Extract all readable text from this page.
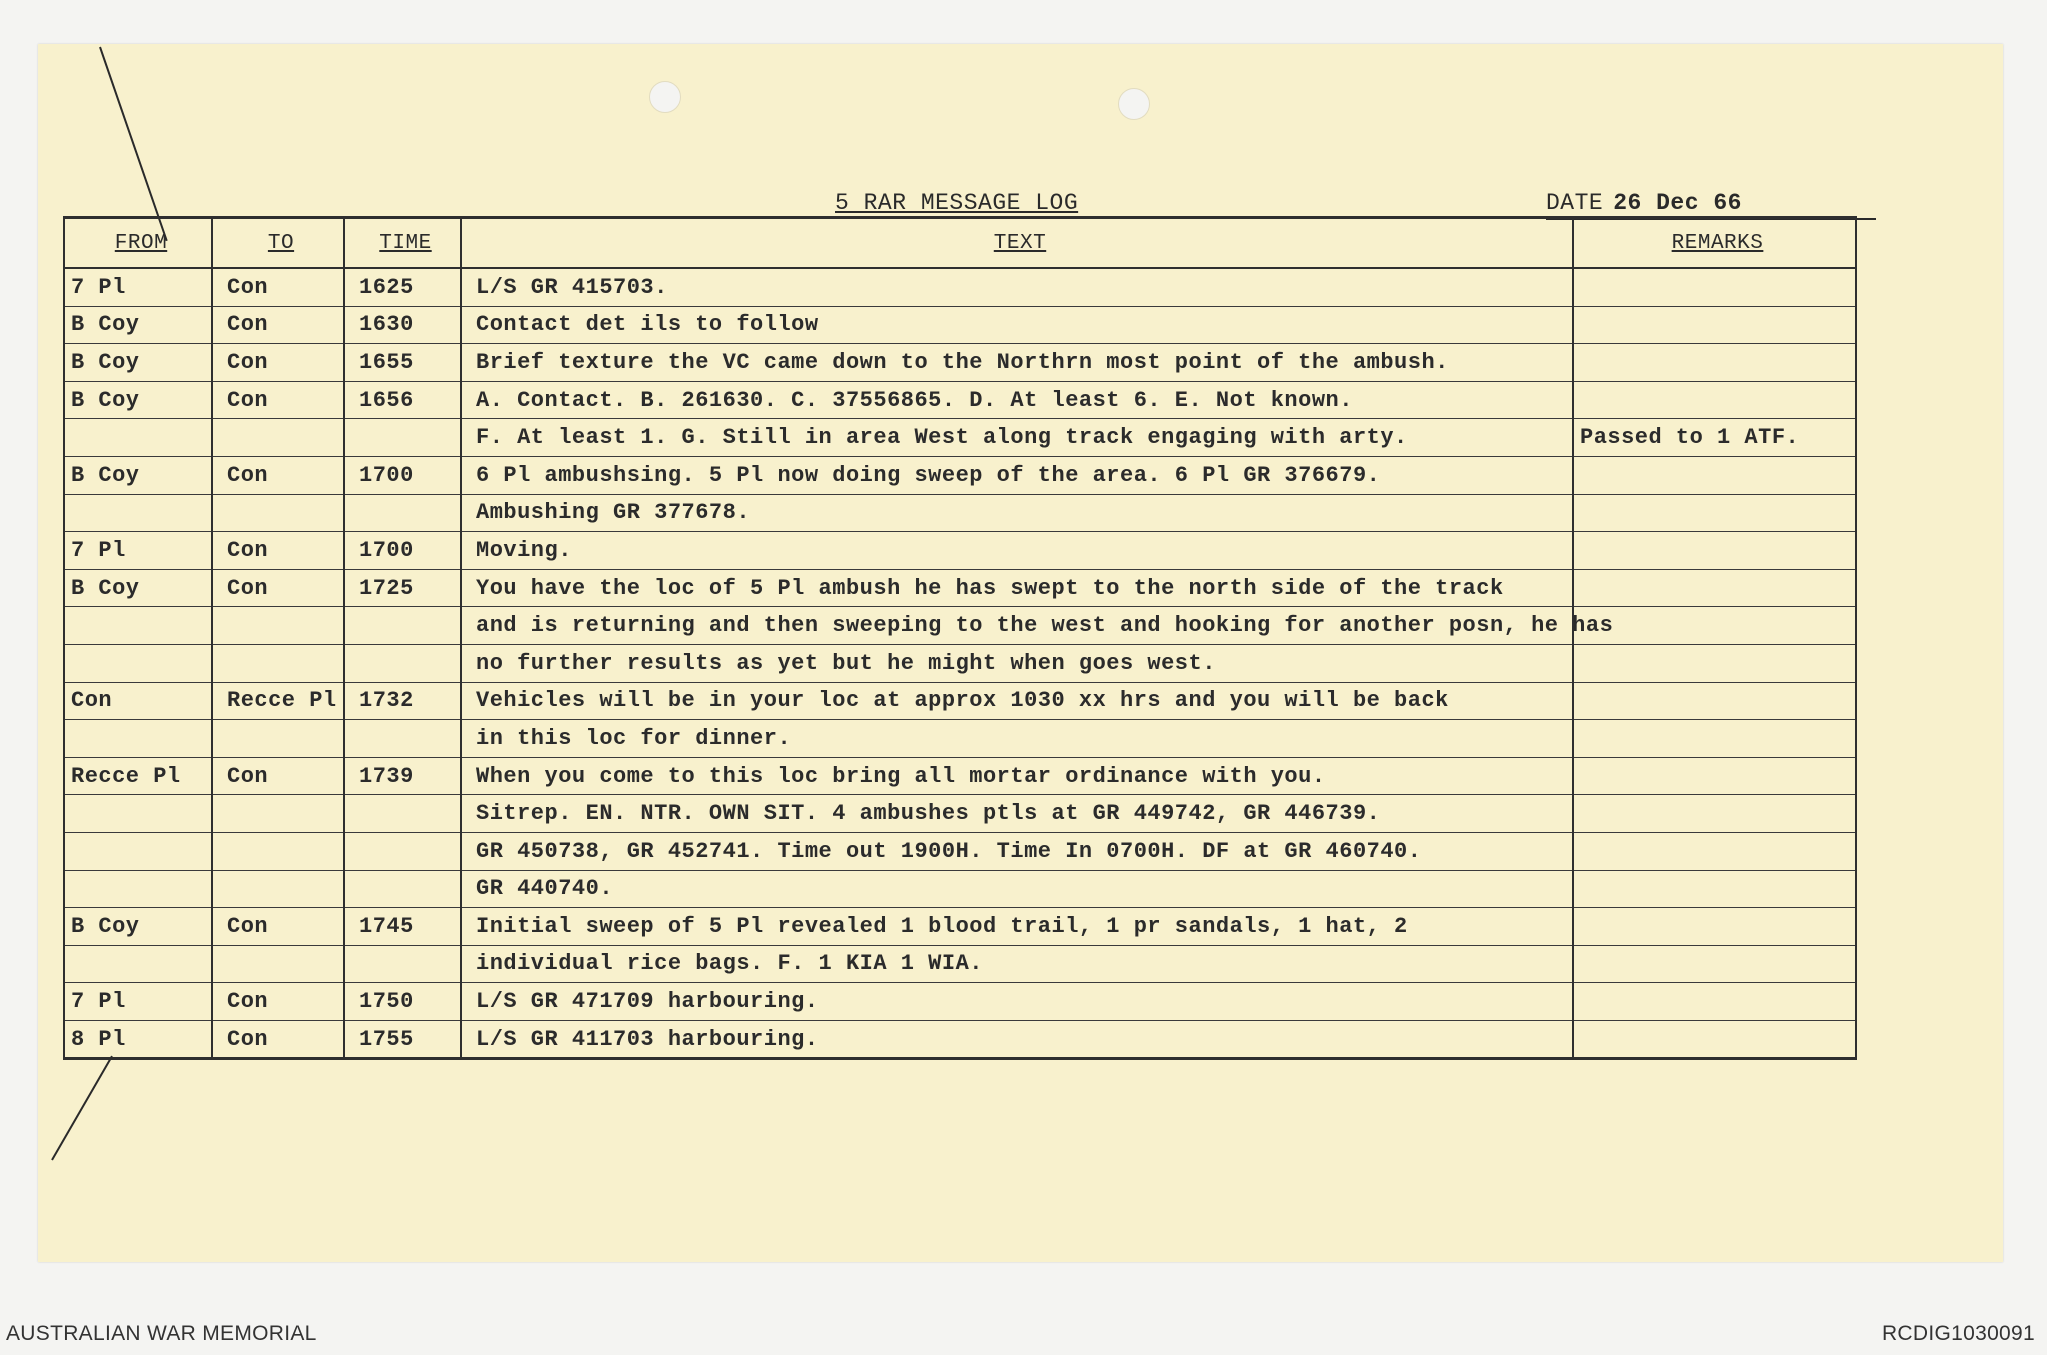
5 RAR MESSAGE LOG	DATE 26 Dec 66
FROM	TO	TIME	TEXT	REMARKS
7 Pl	Con	1625	L/S GR 415703.	
B Coy	Con	1630	Contact det ils to follow	
B Coy	Con	1655	Brief texture the VC came down to the Northrn most point of the ambush.	
B Coy	Con	1656	A. Contact. B. 261630. C. 37556865. D. At least 6. E. Not known.	
			F. At least 1. G. Still in area West along track engaging with arty.	Passed to 1 ATF.
B Coy	Con	1700	6 Pl ambushsing. 5 Pl now doing sweep of the area. 6 Pl GR 376679.	
			Ambushing GR 377678.	
7 Pl	Con	1700	Moving.	
B Coy	Con	1725	You have the loc of 5 Pl ambush he has swept to the north side of the track	
			and is returning and then sweeping to the west and hooking for another posn, he has	
			no further results as yet but he might when goes west.	
Con	Recce Pl	1732	Vehicles will be in your loc at approx 1030 xx hrs and you will be back	
			in this loc for dinner.	
Recce Pl	Con	1739	When you come to this loc bring all mortar ordinance with you.	
			Sitrep. EN. NTR. OWN SIT. 4 ambushes ptls at GR 449742, GR 446739.	
			GR 450738, GR 452741. Time out 1900H. Time In 0700H. DF at GR 460740.	
			GR 440740.	
B Coy	Con	1745	Initial sweep of 5 Pl revealed 1 blood trail, 1 pr sandals, 1 hat, 2	
			individual rice bags. F. 1 KIA 1 WIA.	
7 Pl	Con	1750	L/S GR 471709 harbouring.	
8 Pl	Con	1755	L/S GR 411703 harbouring.	
AUSTRALIAN WAR MEMORIAL	RCDIG1030091
